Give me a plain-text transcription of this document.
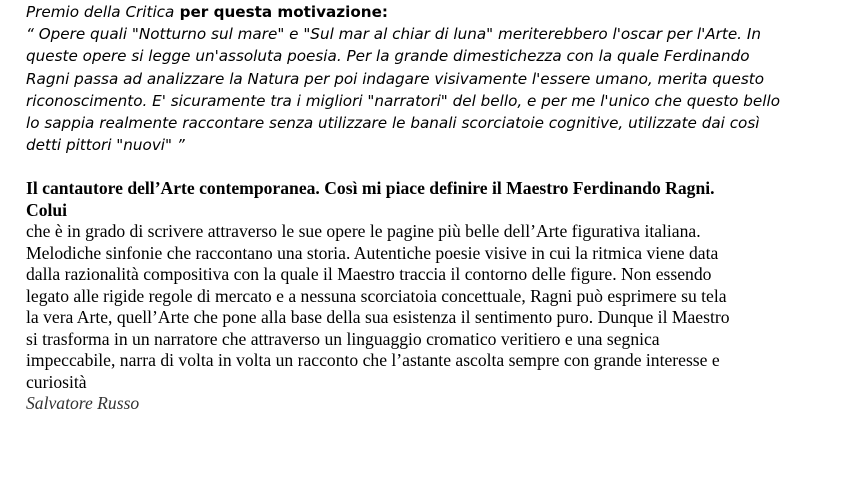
Premio della Critica per questa motivazione:

“ Opere quali "Notturno sul mare" e "Sul mar al chiar di luna" meriterebbero l'oscar per l'Arte. In

queste opere si legge un'assoluta poesia. Per la grande dimestichezza con la quale Ferdinando

Ragni passa ad analizzare la Natura per poi indagare visivamente l'essere umano, merita questo

riconoscimento. E' sicuramente tra i migliori "narratori" del bello, e per me l'unico che questo bello

lo sappia realmente raccontare senza utilizzare le banali scorciatoie cognitive, utilizzate dai così

detti pittori "nuovi" ”

Il cantautore dell’Arte contemporanea. Così mi piace definire il Maestro Ferdinando Ragni.

Colui

che è in grado di scrivere attraverso le sue opere le pagine più belle dell’Arte figurativa italiana.

Melodiche sinfonie che raccontano una storia. Autentiche poesie visive in cui la ritmica viene data

dalla razionalità compositiva con la quale il Maestro traccia il contorno delle figure. Non essendo

legato alle rigide regole di mercato e a nessuna scorciatoia concettuale, Ragni può esprimere su tela

la vera Arte, quell’Arte che pone alla base della sua esistenza il sentimento puro. Dunque il Maestro

si trasforma in un narratore che attraverso un linguaggio cromatico veritiero e una segnica

impeccabile, narra di volta in volta un racconto che l’astante ascolta sempre con grande interesse e

curiosità

Salvatore Russo
